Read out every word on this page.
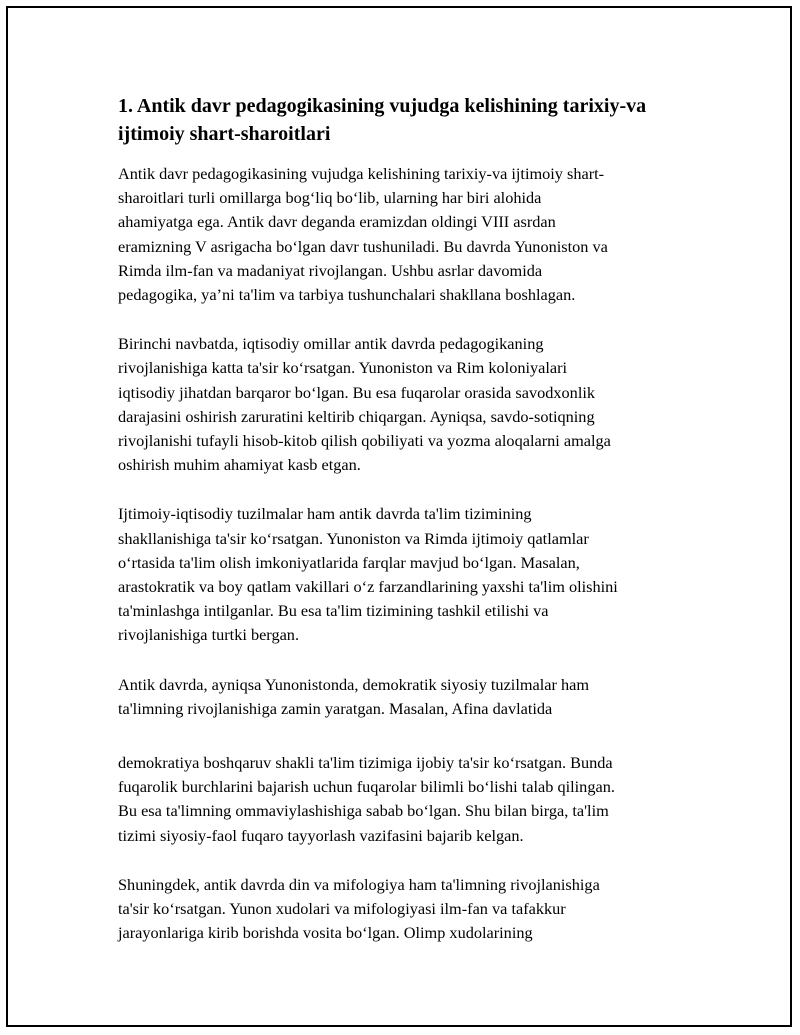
1. Antik davr pedagogikasining vujudga kelishining tarixiy-va
ijtimoiy shart-sharoitlari

Antik davr pedagogikasining vujudga kelishining tarixiy-va ijtimoiy shart-
sharoitlari turli omillarga bog‘liq bo‘lib, ularning har biri alohida
ahamiyatga ega. Antik davr deganda eramizdan oldingi VIII asrdan
eramizning V asrigacha bo‘lgan davr tushuniladi. Bu davrda Yunoniston va
Rimda ilm-fan va madaniyat rivojlangan. Ushbu asrlar davomida
pedagogika, ya’ni ta'lim va tarbiya tushunchalari shakllana boshlagan.

Birinchi navbatda, iqtisodiy omillar antik davrda pedagogikaning
rivojlanishiga katta ta'sir ko‘rsatgan. Yunoniston va Rim koloniyalari
iqtisodiy jihatdan barqaror bo‘lgan. Bu esa fuqarolar orasida savodxonlik
darajasini oshirish zaruratini keltirib chiqargan. Ayniqsa, savdo-sotiqning
rivojlanishi tufayli hisob-kitob qilish qobiliyati va yozma aloqalarni amalga
oshirish muhim ahamiyat kasb etgan.

Ijtimoiy-iqtisodiy tuzilmalar ham antik davrda ta'lim tizimining
shakllanishiga ta'sir ko‘rsatgan. Yunoniston va Rimda ijtimoiy qatlamlar
o‘rtasida ta'lim olish imkoniyatlarida farqlar mavjud bo‘lgan. Masalan,
arastokratik va boy qatlam vakillari o‘z farzandlarining yaxshi ta'lim olishini
ta'minlashga intilganlar. Bu esa ta'lim tizimining tashkil etilishi va
rivojlanishiga turtki bergan.

Antik davrda, ayniqsa Yunonistonda, demokratik siyosiy tuzilmalar ham
ta'limning rivojlanishiga zamin yaratgan. Masalan, Afina davlatida

demokratiya boshqaruv shakli ta'lim tizimiga ijobiy ta'sir ko‘rsatgan. Bunda
fuqarolik burchlarini bajarish uchun fuqarolar bilimli bo‘lishi talab qilingan.
Bu esa ta'limning ommaviylashishiga sabab bo‘lgan. Shu bilan birga, ta'lim
tizimi siyosiy-faol fuqaro tayyorlash vazifasini bajarib kelgan.

Shuningdek, antik davrda din va mifologiya ham ta'limning rivojlanishiga
ta'sir ko‘rsatgan. Yunon xudolari va mifologiyasi ilm-fan va tafakkur
jarayonlariga kirib borishda vosita bo‘lgan. Olimp xudolarining
